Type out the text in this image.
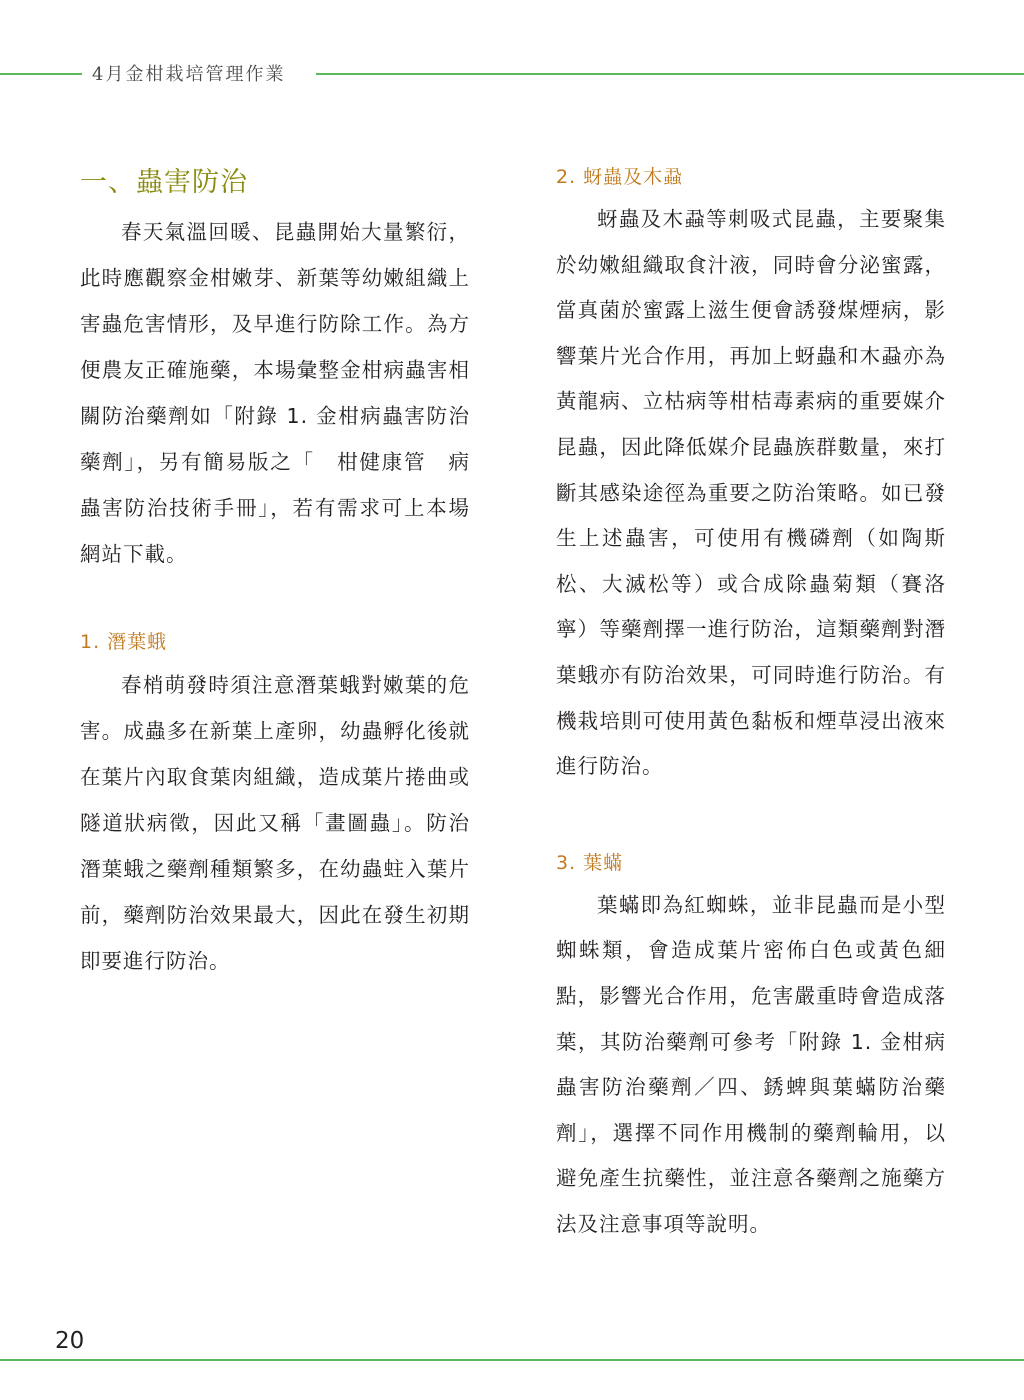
4月金柑栽培管理作業
一、蟲害防治

春天氣溫回暖、昆蟲開始大量繁衍，此時應觀察金柑嫩芽、新葉等幼嫩組織上害蟲危害情形，及早進行防除工作。為方便農友正確施藥，本場彙整金柑病蟲害相關防治藥劑如「附錄 1. 金柑病蟲害防治藥劑」，另有簡易版之「　柑健康管　病蟲害防治技術手冊」，若有需求可上本場網站下載。

1. 潛葉蛾

春梢萌發時須注意潛葉蛾對嫩葉的危害。成蟲多在新葉上產卵，幼蟲孵化後就在葉片內取食葉肉組織，造成葉片捲曲或隧道狀病徵，因此又稱「畫圖蟲」。防治潛葉蛾之藥劑種類繁多，在幼蟲蛀入葉片前，藥劑防治效果最大，因此在發生初期即要進行防治。

2. 蚜蟲及木蝨

蚜蟲及木蝨等刺吸式昆蟲，主要聚集於幼嫩組織取食汁液，同時會分泌蜜露，當真菌於蜜露上滋生便會誘發煤煙病，影響葉片光合作用，再加上蚜蟲和木蝨亦為黃龍病、立枯病等柑桔毒素病的重要媒介昆蟲，因此降低媒介昆蟲族群數量，來打斷其感染途徑為重要之防治策略。如已發生上述蟲害，可使用有機磷劑（如陶斯松、大滅松等）或合成除蟲菊類（賽洛寧）等藥劑擇一進行防治，這類藥劑對潛葉蛾亦有防治效果，可同時進行防治。有機栽培則可使用黃色黏板和煙草浸出液來進行防治。

3. 葉蟎

葉蟎即為紅蜘蛛，並非昆蟲而是小型蜘蛛類，會造成葉片密佈白色或黃色細點，影響光合作用，危害嚴重時會造成落葉，其防治藥劑可參考「附錄 1. 金柑病蟲害防治藥劑／四、銹蜱與葉蟎防治藥劑」，選擇不同作用機制的藥劑輪用，以避免產生抗藥性，並注意各藥劑之施藥方法及注意事項等說明。

20
